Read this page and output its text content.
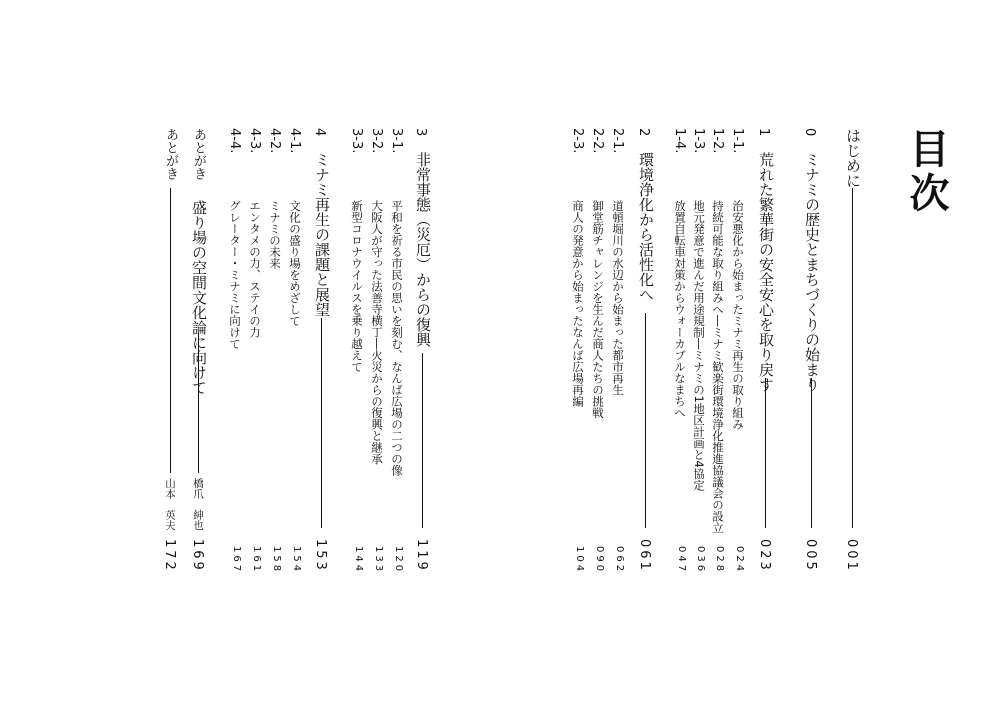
目次
はじめに
001
0
ミナミの歴史とまちづくりの始まり
005
1
荒れた繁華街の安全安心を取り戻す
023
1-1.
治安悪化から始まったミナミ再生の取り組み
024
1-2.
持続可能な取り組みへ―ミナミ歓楽街環境浄化推進協議会の設立
028
1-3.
地元発意で進んだ用途規制―ミナミの1地区計画と4協定
036
1-4.
放置自転車対策からウォーカブルなまちへ
047
2
環境浄化から活性化へ
061
2-1.
道頓堀川の水辺から始まった都市再生
062
2-2.
御堂筋チャレンジを生んだ商人たちの挑戦
090
2-3.
商人の発意から始まったなんば広場再編
104
3
非常事態（災厄）からの復興
119
3-1.
平和を祈る市民の思いを刻む、なんば広場の二つの像
120
3-2.
大阪人が守った法善寺横丁―火災からの復興と継承
133
3-3.
新型コロナウイルスを乗り越えて
144
4
ミナミ再生の課題と展望
153
4-1.
文化の盛り場をめざして
154
4-2.
ミナミの未来
158
4-3.
エンタメの力、ステイの力
161
4-4.
グレーター・ミナミに向けて
167
あとがき
盛り場の空間文化論に向けて
橋爪　紳也
169
あとがき
山本　英夫
172
